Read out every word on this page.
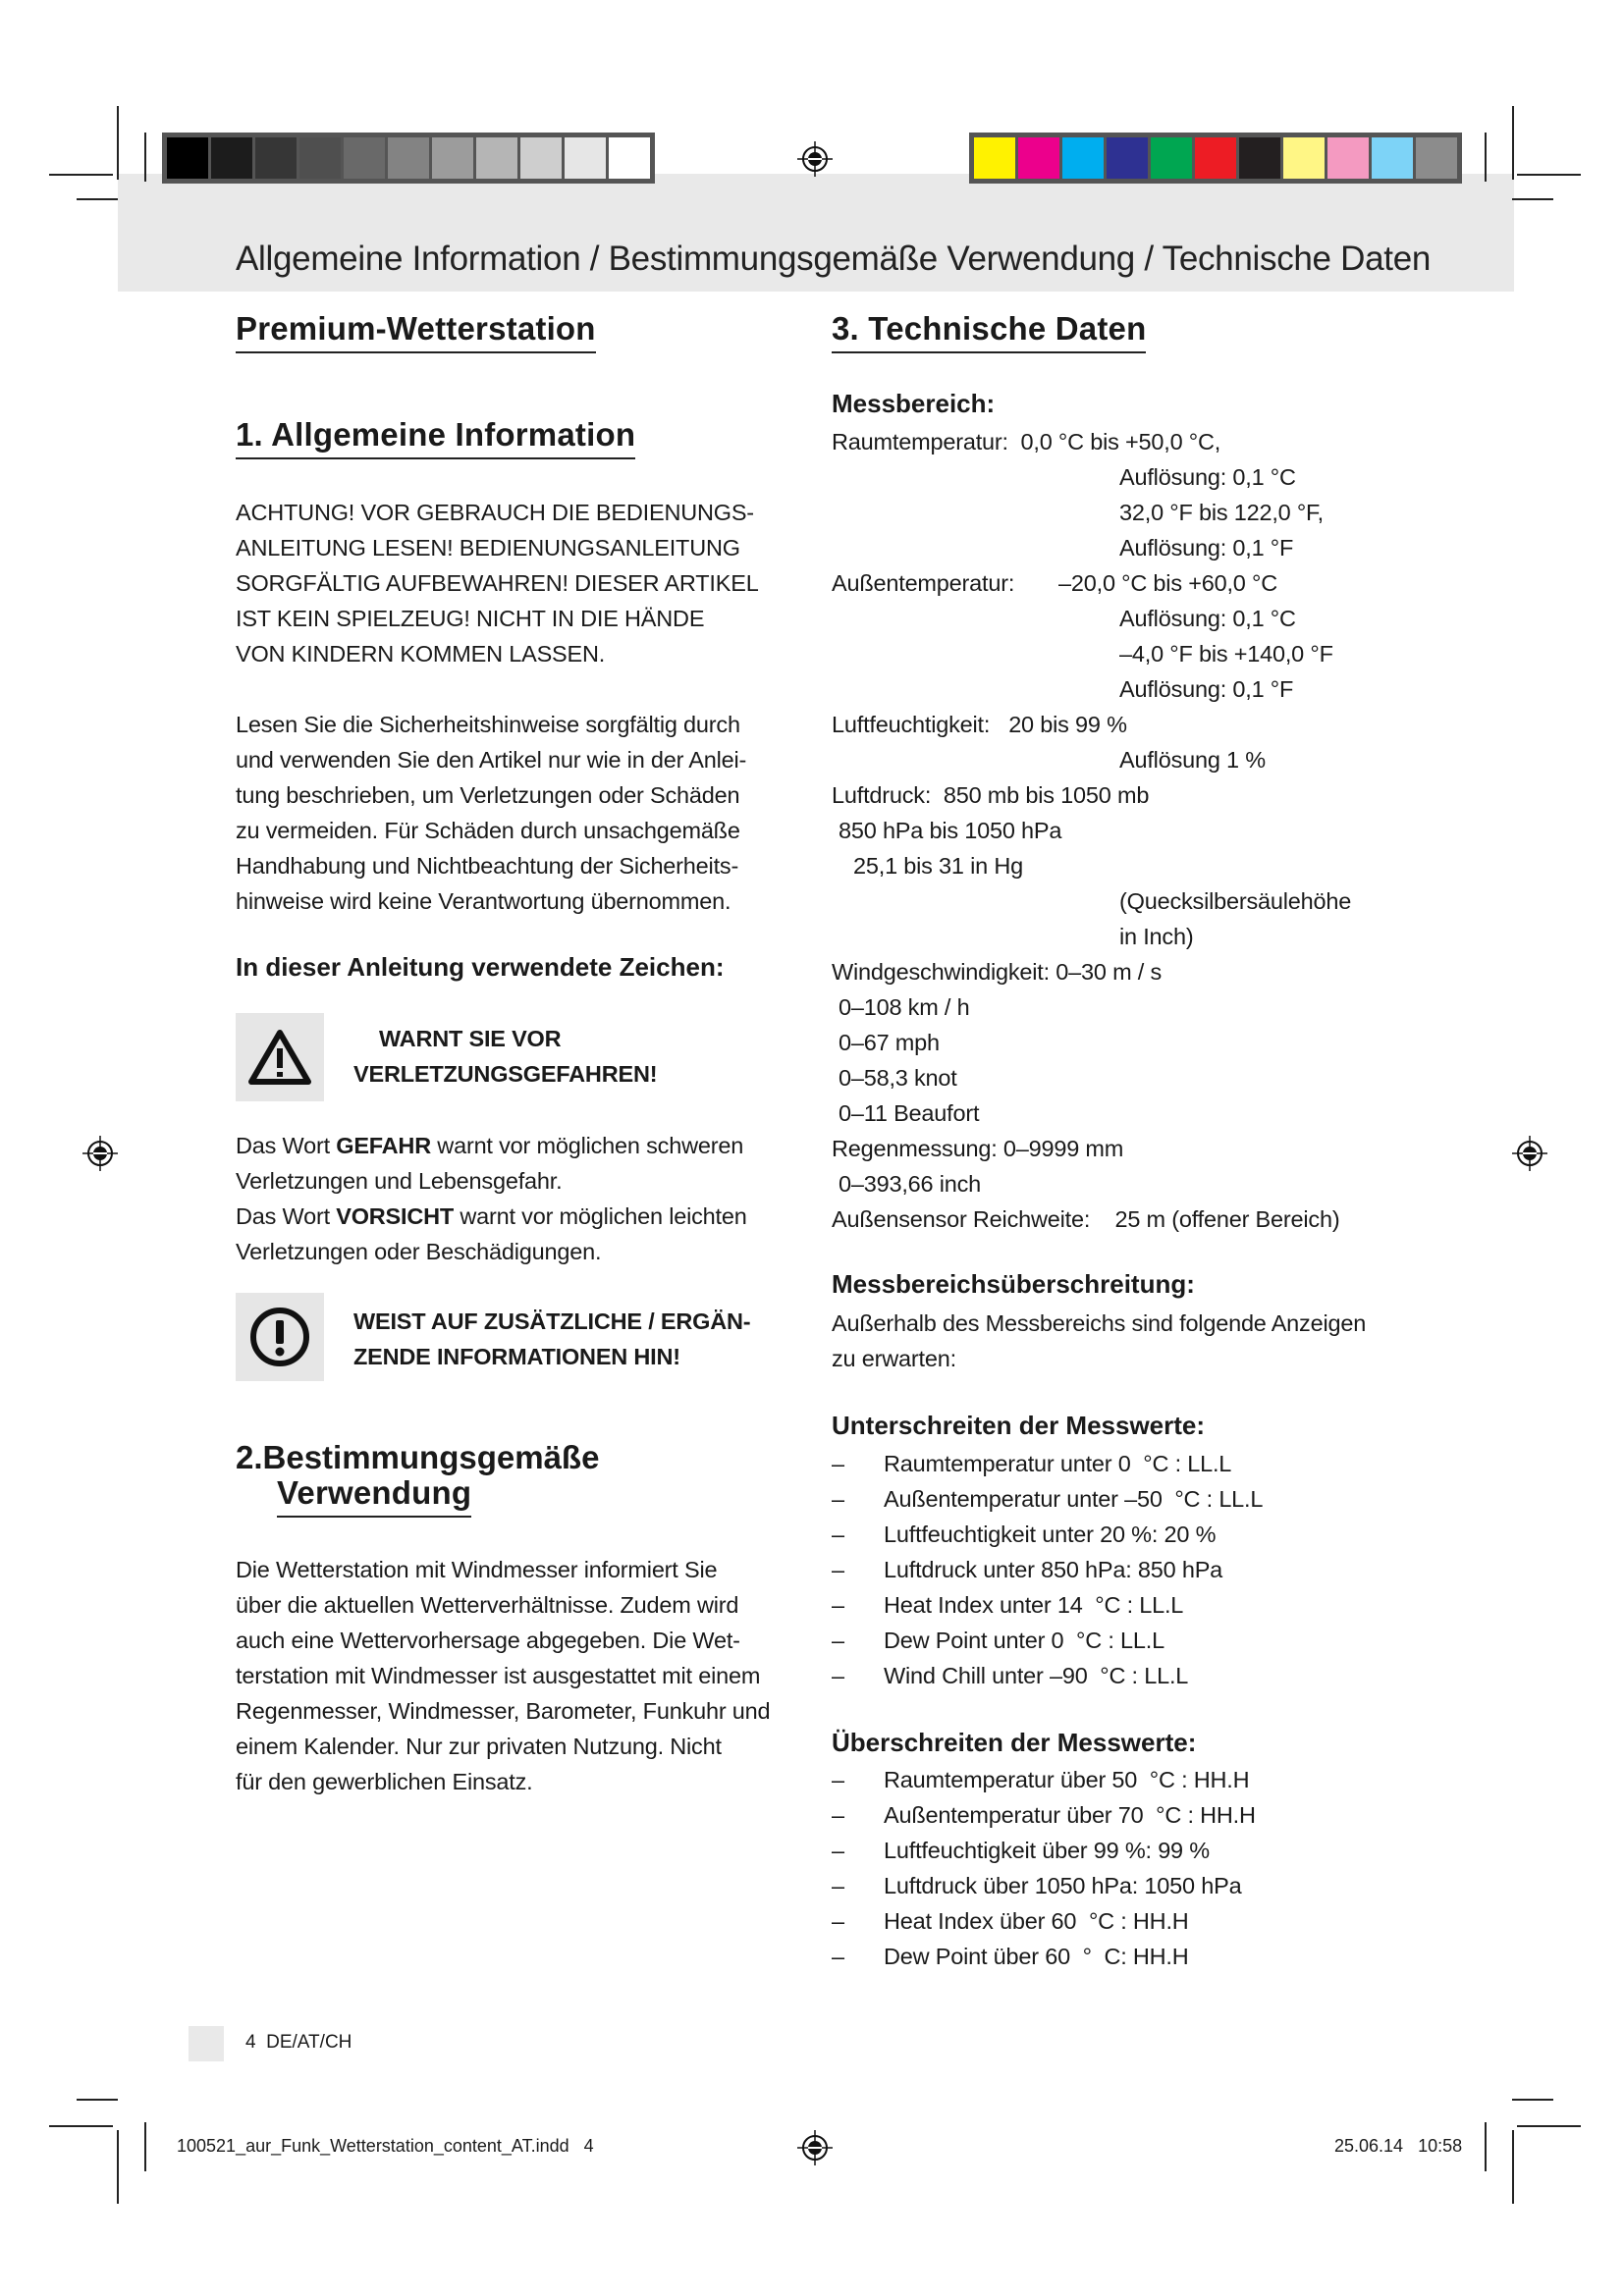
Allgemeine Information / Bestimmungsgemäße Verwendung / Technische Daten
Premium-Wetterstation
1. Allgemeine Information
ACHTUNG! VOR GEBRAUCH DIE BEDIENUNGS-
ANLEITUNG LESEN! BEDIENUNGSANLEITUNG
SORGFÄLTIG AUFBEWAHREN! DIESER ARTIKEL
IST KEIN SPIELZEUG! NICHT IN DIE HÄNDE
VON KINDERN KOMMEN LASSEN.
Lesen Sie die Sicherheitshinweise sorgfältig durch
und verwenden Sie den Artikel nur wie in der Anlei-
tung beschrieben, um Verletzungen oder Schäden
zu vermeiden. Für Schäden durch unsachgemäße
Handhabung und Nichtbeachtung der Sicherheits-
hinweise wird keine Verantwortung übernommen.
In dieser Anleitung verwendete Zeichen:
WARNT SIE VOR
VERLETZUNGSGEFAHREN!
Das Wort GEFAHR warnt vor möglichen schweren
Verletzungen und Lebensgefahr.
Das Wort VORSICHT warnt vor möglichen leichten
Verletzungen oder Beschädigungen.
WEIST AUF ZUSÄTZLICHE / ERGÄN-
ZENDE INFORMATIONEN HIN!
2.Bestimmungsgemäße
Verwendung
Die Wetterstation mit Windmesser informiert Sie
über die aktuellen Wetterverhältnisse. Zudem wird
auch eine Wettervorhersage abgegeben. Die Wet-
terstation mit Windmesser ist ausgestattet mit einem
Regenmesser, Windmesser, Barometer, Funkuhr und
einem Kalender. Nur zur privaten Nutzung. Nicht
für den gewerblichen Einsatz.
3. Technische Daten
Messbereich:
Raumtemperatur:  0,0 °C bis +50,0 °C,
Auflösung: 0,1 °C
32,0 °F bis 122,0 °F,
Auflösung: 0,1 °F
Außentemperatur: –20,0 °C bis +60,0 °C
Auflösung: 0,1 °C
–4,0 °F bis +140,0 °F
Auflösung: 0,1 °F
Luftfeuchtigkeit:   20 bis 99 %
Auflösung 1 %
Luftdruck:  850 mb bis 1050 mb
850 hPa bis 1050 hPa
25,1 bis 31 in Hg
(Quecksilbersäulehöhe
in Inch)
Windgeschwindigkeit: 0–30 m / s
0–108 km / h
0–67 mph
0–58,3 knot
0–11 Beaufort
Regenmessung: 0–9999 mm
0–393,66 inch
Außensensor Reichweite:    25 m (offener Bereich)
Messbereichsüberschreitung:
Außerhalb des Messbereichs sind folgende Anzeigen
zu erwarten:
Unterschreiten der Messwerte:
– Raumtemperatur unter 0  °C : LL.L
– Außentemperatur unter –50  °C : LL.L
– Luftfeuchtigkeit unter 20 %: 20 %
– Luftdruck unter 850 hPa: 850 hPa
– Heat Index unter 14  °C : LL.L
– Dew Point unter 0  °C : LL.L
– Wind Chill unter –90  °C : LL.L
Überschreiten der Messwerte:
– Raumtemperatur über 50  °C : HH.H
– Außentemperatur über 70  °C : HH.H
– Luftfeuchtigkeit über 99 %: 99 %
– Luftdruck über 1050 hPa: 1050 hPa
– Heat Index über 60  °C : HH.H
– Dew Point über 60  °  C: HH.H
4  DE/AT/CH
100521_aur_Funk_Wetterstation_content_AT.indd   4	25.06.14   10:58
